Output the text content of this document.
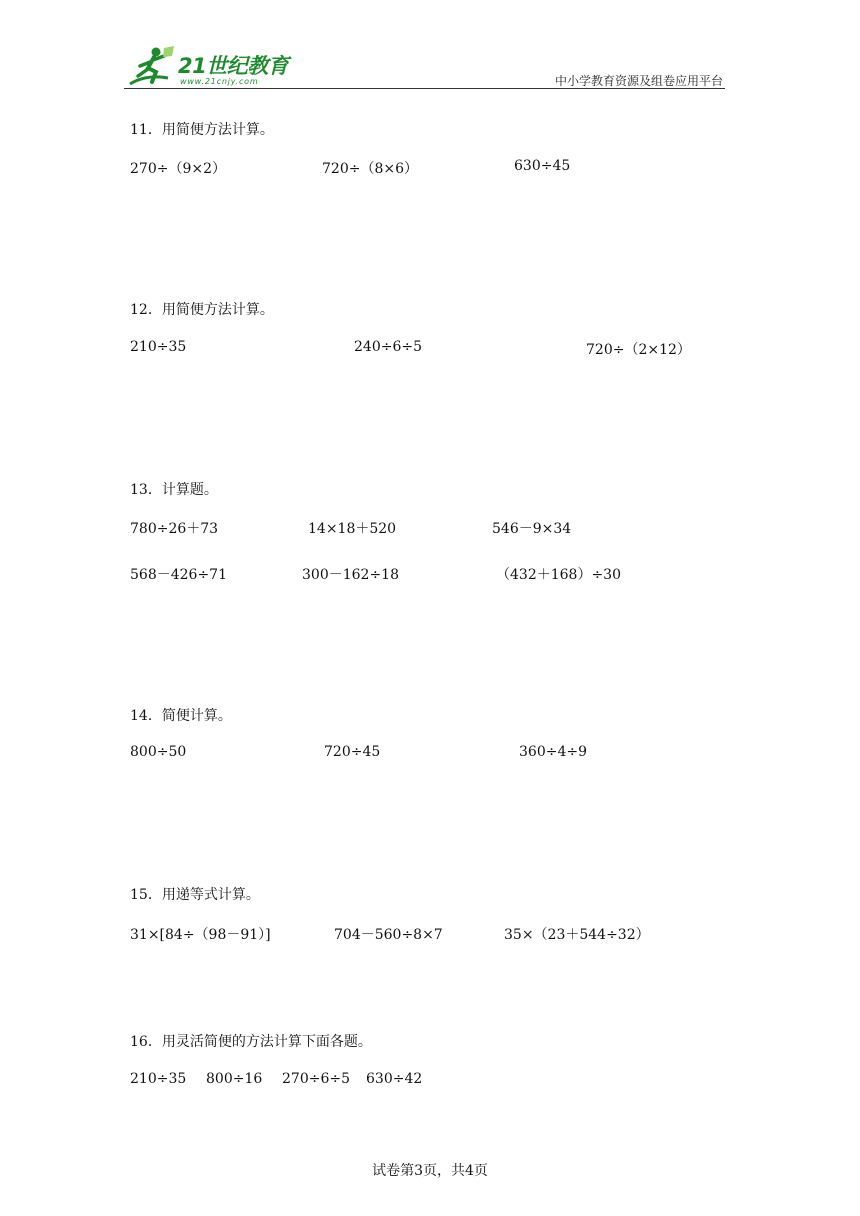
21世纪教育
www.21cnjy.com	中小学教育资源及组卷应用平台
11．用简便方法计算。
270÷（9×2）	720÷（8×6）	630÷45
12．用简便方法计算。
210÷35	240÷6÷5	720÷（2×12）
13．计算题。
780÷26＋73	14×18＋520	546－9×34
568－426÷71	300－162÷18	（432＋168）÷30
14．简便计算。
800÷50	720÷45	360÷4÷9
15．用递等式计算。
31×[84÷（98－91）]	704－560÷8×7	35×（23＋544÷32）
16．用灵活简便的方法计算下面各题。
210÷35 800÷16 270÷6÷5 630÷42
试卷第3页，共4页
